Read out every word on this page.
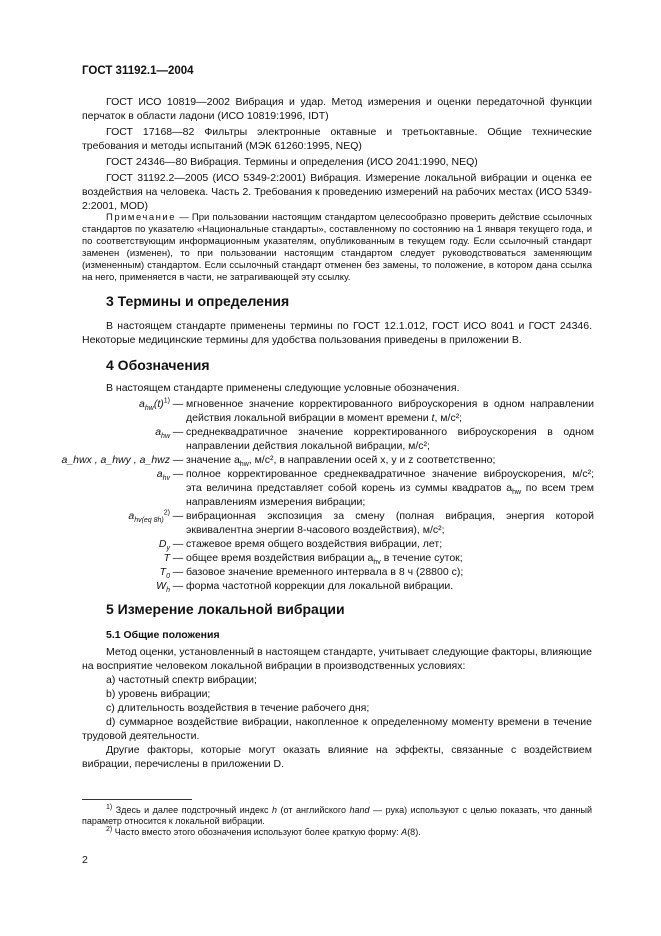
ГОСТ 31192.1—2004

ГОСТ ИСО 10819—2002 Вибрация и удар. Метод измерения и оценки передаточной функции перчаток в области ладони (ИСО 10819:1996, IDT)

ГОСТ 17168—82 Фильтры электронные октавные и третьоктавные. Общие технические требования и методы испытаний (МЭК 61260:1995, NEQ)

ГОСТ 24346—80 Вибрация. Термины и определения (ИСО 2041:1990, NEQ)

ГОСТ 31192.2—2005 (ИСО 5349-2:2001) Вибрация. Измерение локальной вибрации и оценка ее воздействия на человека. Часть 2. Требования к проведению измерений на рабочих местах (ИСО 5349-2:2001, MOD)

Примечание — При пользовании настоящим стандартом целесообразно проверить действие ссылочных стандартов по указателю «Национальные стандарты», составленному по состоянию на 1 января текущего года, и по соответствующим информационным указателям, опубликованным в текущем году. Если ссылочный стандарт заменен (изменен), то при пользовании настоящим стандартом следует руководствоваться заменяющим (измененным) стандартом. Если ссылочный стандарт отменен без замены, то положение, в котором дана ссылка на него, применяется в части, не затрагивающей эту ссылку.
3 Термины и определения
В настоящем стандарте применены термины по ГОСТ 12.1.012, ГОСТ ИСО 8041 и ГОСТ 24346. Некоторые медицинские термины для удобства пользования приведены в приложении В.
4 Обозначения
В настоящем стандарте применены следующие условные обозначения.
$a_{hw}(t)^{1)}$ — мгновенное значение корректированного виброускорения в одном направлении действия локальной вибрации в момент времени t, м/с²;
$a_{hw}$ — среднеквадратичное значение корректированного виброускорения в одном направлении действия локальной вибрации, м/с²;
a_hwx , a_hwy , a_hwz — значение $a_{hw}$, м/с², в направлении осей x, y и z соответственно;
$a_{hv}$ — полное корректированное среднеквадратичное значение виброускорения, м/с²; эта величина представляет собой корень из суммы квадратов $a_{hw}$ по всем трем направлениям измерения вибрации;
$a_{hv(eq 8h)}^{2)}$ — вибрационная экспозиция за смену (полная вибрация, энергия которой эквивалентна энергии 8-часового воздействия), м/с²;
$D_y$ — стажевое время общего воздействия вибрации, лет;
T — общее время воздействия вибрации $a_{hv}$ в течение суток;
$T_0$ — базовое значение временного интервала в 8 ч (28800 с);
$W_h$ — форма частотной коррекции для локальной вибрации.
5 Измерение локальной вибрации
5.1 Общие положения

Метод оценки, установленный в настоящем стандарте, учитывает следующие факторы, влияющие на восприятие человеком локальной вибрации в производственных условиях:

a) частотный спектр вибрации;

b) уровень вибрации;

c) длительность воздействия в течение рабочего дня;

d) суммарное воздействие вибрации, накопленное к определенному моменту времени в течение трудовой деятельности.

Другие факторы, которые могут оказать влияние на эффекты, связанные с воздействием вибрации, перечислены в приложении D.

$^{1)}$ Здесь и далее подстрочный индекс h (от английского hand — рука) используют с целью показать, что данный параметр относится к локальной вибрации.

$^{2)}$ Часто вместо этого обозначения используют более краткую форму: A(8).

2
